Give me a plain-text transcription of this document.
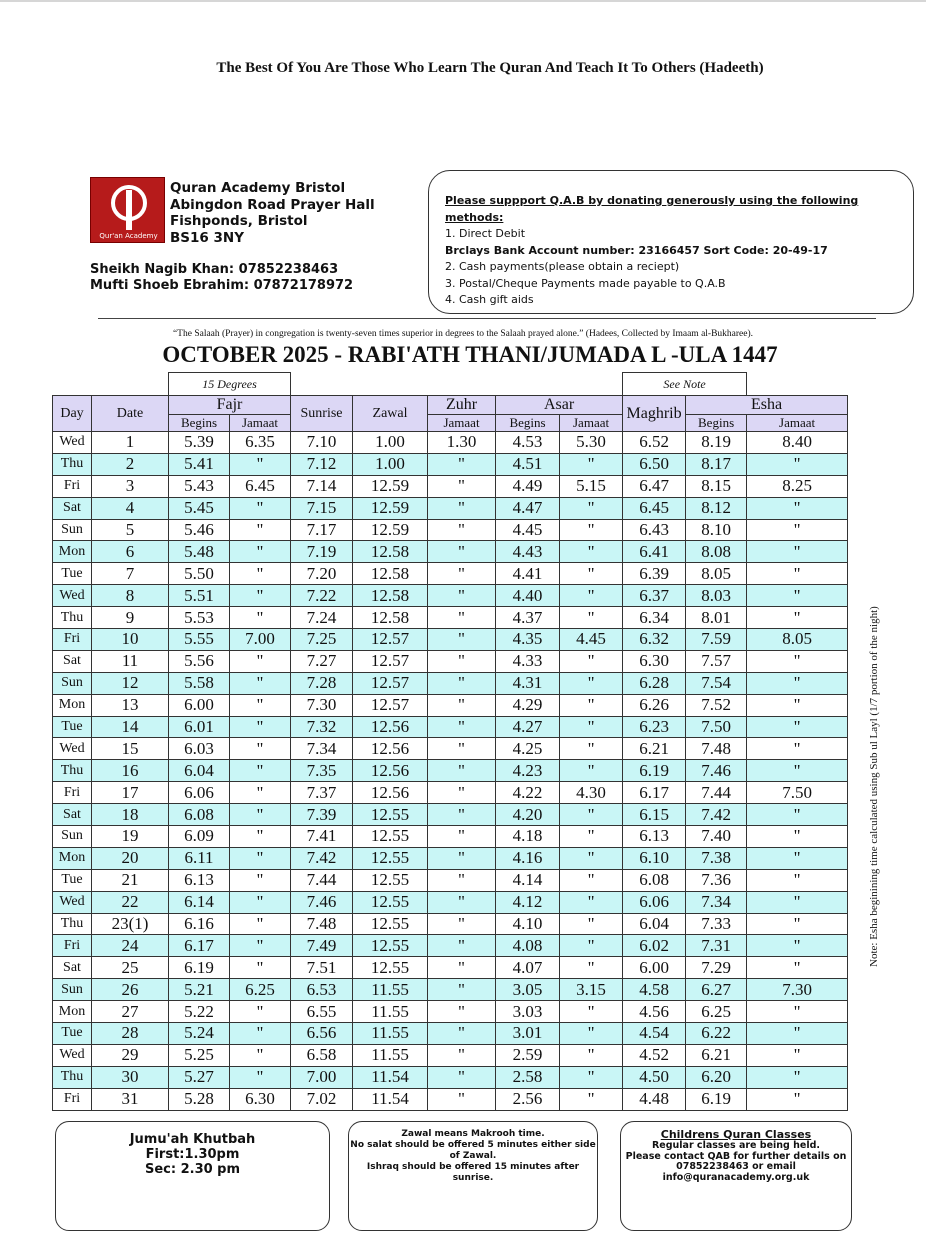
The Best Of You Are Those Who Learn The Quran And Teach It To Others (Hadeeth)
Qur'an Academy
Quran Academy Bristol
Abingdon Road Prayer Hall
Fishponds, Bristol
BS16 3NY
Sheikh Nagib Khan: 07852238463
Mufti Shoeb Ebrahim: 07872178972
Please suppport Q.A.B by donating generously using the following methods:
1. Direct Debit
Brclays Bank Account number: 23166457 Sort Code: 20-49-17
2. Cash payments(please obtain a reciept)
3. Postal/Cheque Payments made payable to Q.A.B
4. Cash gift aids
“The Salaah (Prayer) in congregation is twenty-seven times superior in degrees to the Salaah prayed alone.” (Hadees, Collected by Imaam al-Bukharee).
OCTOBER 2025 - RABI'ATH THANI/JUMADA L -ULA 1447
		15 Degrees							See Note		
Day	Date	Fajr		Sunrise	Zawal	Zuhr	Asar		Maghrib	Esha	
		Begins	Jamaat			Jamaat	Begins	Jamaat		Begins	Jamaat
Wed	1	5.39	6.35	7.10	1.00	1.30	4.53	5.30	6.52	8.19	8.40
Thu	2	5.41	"	7.12	1.00	"	4.51	"	6.50	8.17	"
Fri	3	5.43	6.45	7.14	12.59	"	4.49	5.15	6.47	8.15	8.25
Sat	4	5.45	"	7.15	12.59	"	4.47	"	6.45	8.12	"
Sun	5	5.46	"	7.17	12.59	"	4.45	"	6.43	8.10	"
Mon	6	5.48	"	7.19	12.58	"	4.43	"	6.41	8.08	"
Tue	7	5.50	"	7.20	12.58	"	4.41	"	6.39	8.05	"
Wed	8	5.51	"	7.22	12.58	"	4.40	"	6.37	8.03	"
Thu	9	5.53	"	7.24	12.58	"	4.37	"	6.34	8.01	"
Fri	10	5.55	7.00	7.25	12.57	"	4.35	4.45	6.32	7.59	8.05
Sat	11	5.56	"	7.27	12.57	"	4.33	"	6.30	7.57	"
Sun	12	5.58	"	7.28	12.57	"	4.31	"	6.28	7.54	"
Mon	13	6.00	"	7.30	12.57	"	4.29	"	6.26	7.52	"
Tue	14	6.01	"	7.32	12.56	"	4.27	"	6.23	7.50	"
Wed	15	6.03	"	7.34	12.56	"	4.25	"	6.21	7.48	"
Thu	16	6.04	"	7.35	12.56	"	4.23	"	6.19	7.46	"
Fri	17	6.06	"	7.37	12.56	"	4.22	4.30	6.17	7.44	7.50
Sat	18	6.08	"	7.39	12.55	"	4.20	"	6.15	7.42	"
Sun	19	6.09	"	7.41	12.55	"	4.18	"	6.13	7.40	"
Mon	20	6.11	"	7.42	12.55	"	4.16	"	6.10	7.38	"
Tue	21	6.13	"	7.44	12.55	"	4.14	"	6.08	7.36	"
Wed	22	6.14	"	7.46	12.55	"	4.12	"	6.06	7.34	"
Thu	23(1)	6.16	"	7.48	12.55	"	4.10	"	6.04	7.33	"
Fri	24	6.17	"	7.49	12.55	"	4.08	"	6.02	7.31	"
Sat	25	6.19	"	7.51	12.55	"	4.07	"	6.00	7.29	"
Sun	26	5.21	6.25	6.53	11.55	"	3.05	3.15	4.58	6.27	7.30
Mon	27	5.22	"	6.55	11.55	"	3.03	"	4.56	6.25	"
Tue	28	5.24	"	6.56	11.55	"	3.01	"	4.54	6.22	"
Wed	29	5.25	"	6.58	11.55	"	2.59	"	4.52	6.21	"
Thu	30	5.27	"	7.00	11.54	"	2.58	"	4.50	6.20	"
Fri	31	5.28	6.30	7.02	11.54	"	2.56	"	4.48	6.19	"
Note: Esha beginining time calculated using Sub ul Layl (1/7 portion of the night)
Jumu'ah Khutbah
First:1.30pm
Sec: 2.30 pm
Zawal means Makrooh time.
No salat should be offered 5 minutes either side of Zawal.
Ishraq should be offered 15 minutes after sunrise.
Childrens Quran Classes
Regular classes are being held.
Please contact QAB for further details on
07852238463 or email
info@quranacademy.org.uk
